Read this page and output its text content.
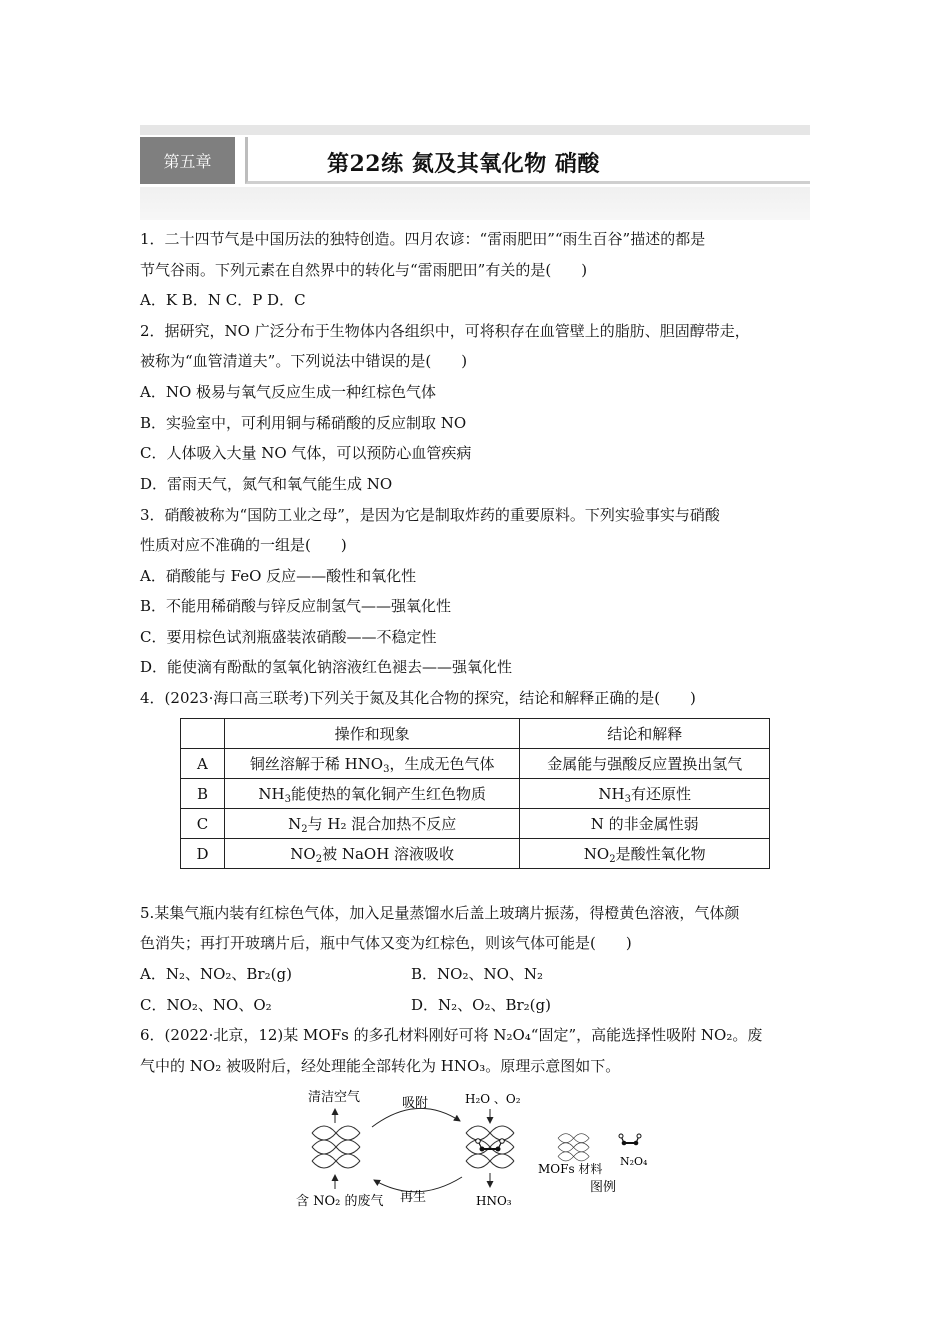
第五章	第22练 氮及其氧化物 硝酸
1．二十四节气是中国历法的独特创造。四月农谚：“雷雨肥田”“雨生百谷”描述的都是
节气谷雨。下列元素在自然界中的转化与“雷雨肥田”有关的是(　　)
A．K B．N C．P D．C
2．据研究，NO 广泛分布于生物体内各组织中，可将积存在血管壁上的脂肪、胆固醇带走，
被称为“血管清道夫”。下列说法中错误的是(　　)
A．NO 极易与氧气反应生成一种红棕色气体
B．实验室中，可利用铜与稀硝酸的反应制取 NO
C．人体吸入大量 NO 气体，可以预防心血管疾病
D．雷雨天气，氮气和氧气能生成 NO
3．硝酸被称为“国防工业之母”，是因为它是制取炸药的重要原料。下列实验事实与硝酸
性质对应不准确的一组是(　　)
A．硝酸能与 FeO 反应——酸性和氧化性
B．不能用稀硝酸与锌反应制氢气——强氧化性
C．要用棕色试剂瓶盛装浓硝酸——不稳定性
D．能使滴有酚酞的氢氧化钠溶液红色褪去——强氧化性
4．(2023·海口高三联考)下列关于氮及其化合物的探究，结论和解释正确的是(　　)
	操作和现象	结论和解释
A	铜丝溶解于稀 $HNO_3$，生成无色气体	金属能与强酸反应置换出氢气
B	$NH_3$能使热的氧化铜产生红色物质	$NH_3$有还原性
C	$N_2$与 H₂ 混合加热不反应	N 的非金属性弱
D	$NO_2$被 NaOH 溶液吸收	$NO_2$是酸性氧化物
5.某集气瓶内装有红棕色气体，加入足量蒸馏水后盖上玻璃片振荡，得橙黄色溶液，气体颜
色消失；再打开玻璃片后，瓶中气体又变为红棕色，则该气体可能是(　　)
A．N₂、NO₂、Br₂(g)	B．NO₂、NO、N₂
C．NO₂、NO、O₂	D．N₂、O₂、Br₂(g)
6．(2022·北京，12)某 MOFs 的多孔材料刚好可将 N₂O₄“固定”，高能选择性吸附 NO₂。废
气中的 NO₂ 被吸附后，经处理能全部转化为 HNO₃。原理示意图如下。
清洁空气
含 NO₂ 的废气
吸附
再生
H₂O 、O₂
HNO₃
MOFs 材料
N₂O₄
图例
